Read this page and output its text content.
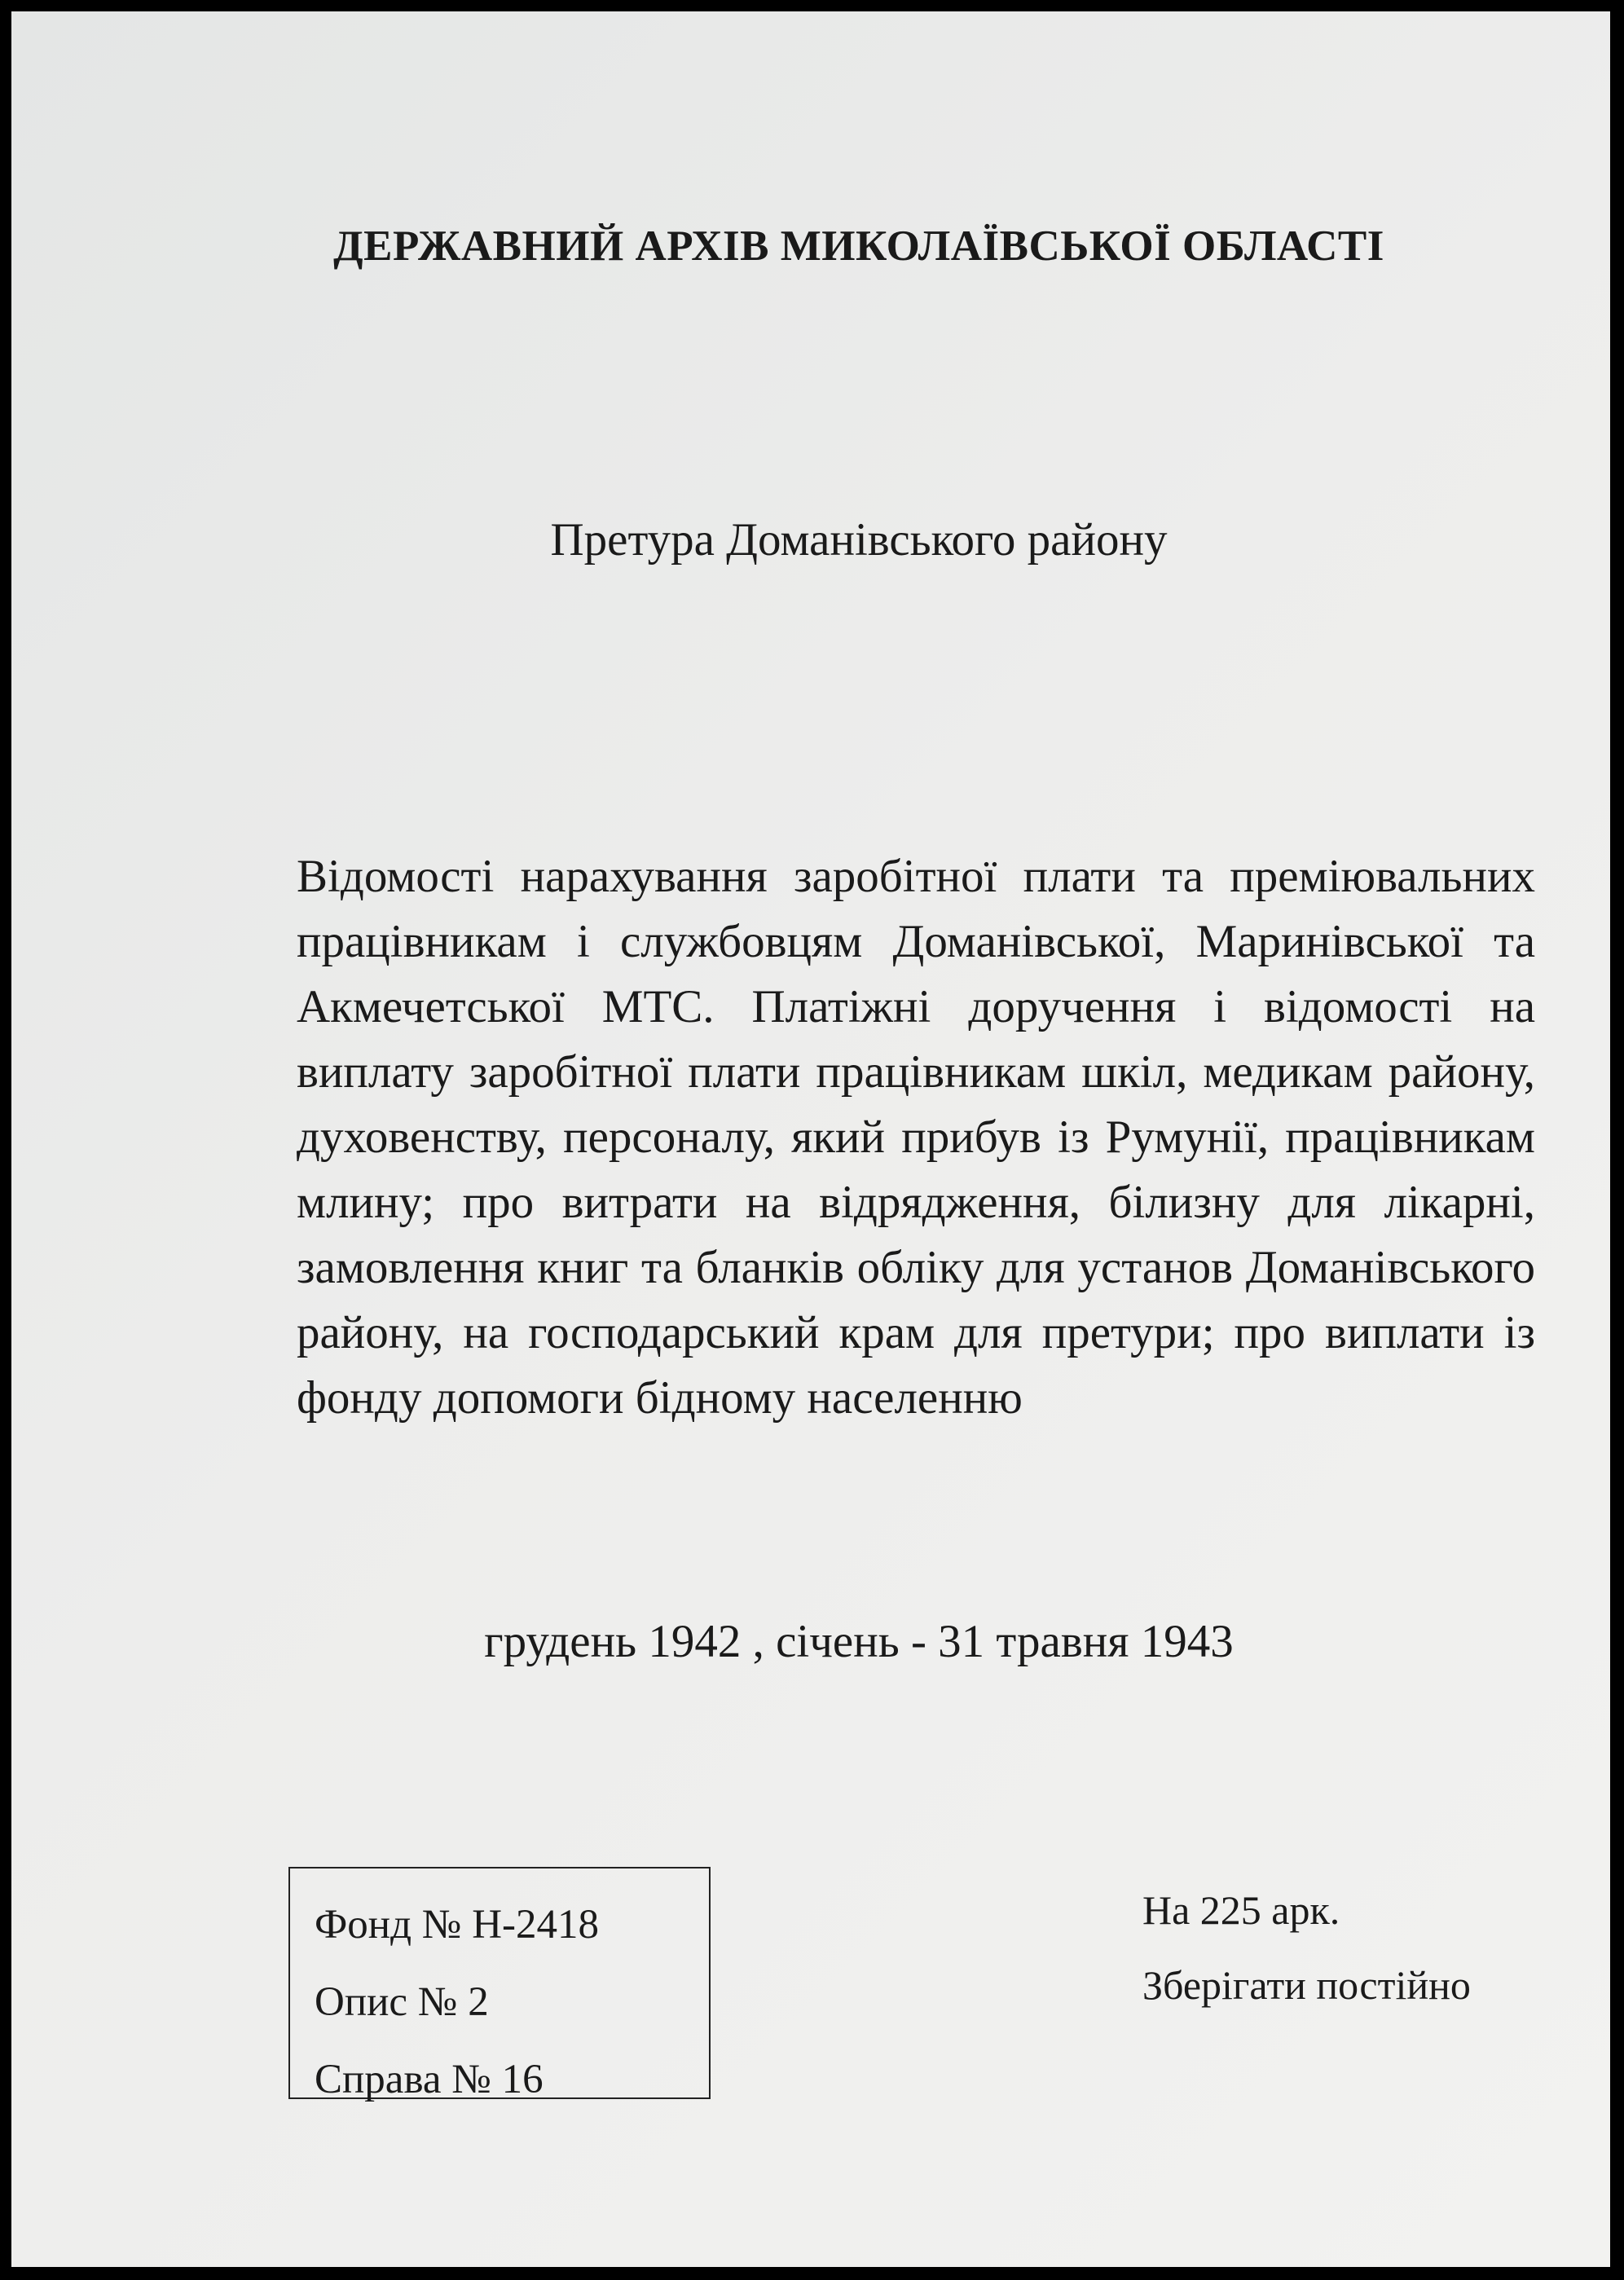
ДЕРЖАВНИЙ АРХІВ МИКОЛАЇВСЬКОЇ ОБЛАСТІ
Претура Доманівського району
Відомості нарахування заробітної плати та преміювальних працівникам і службовцям Доманівської, Маринівської та Акмечетської МТС. Платіжні доручення і відомості на виплату заробітної плати працівникам шкіл, медикам району, духовенству, персоналу, який прибув із Румунії, працівникам млину; про витрати на відрядження, білизну для лікарні, замовлення книг та бланків обліку для установ Доманівського району, на господарський крам для претури; про виплати із фонду допомоги бідному населенню
грудень 1942 , січень - 31 травня 1943
Фонд № Н-2418
Опис № 2
Справа № 16
На 225 арк.
Зберігати постійно
